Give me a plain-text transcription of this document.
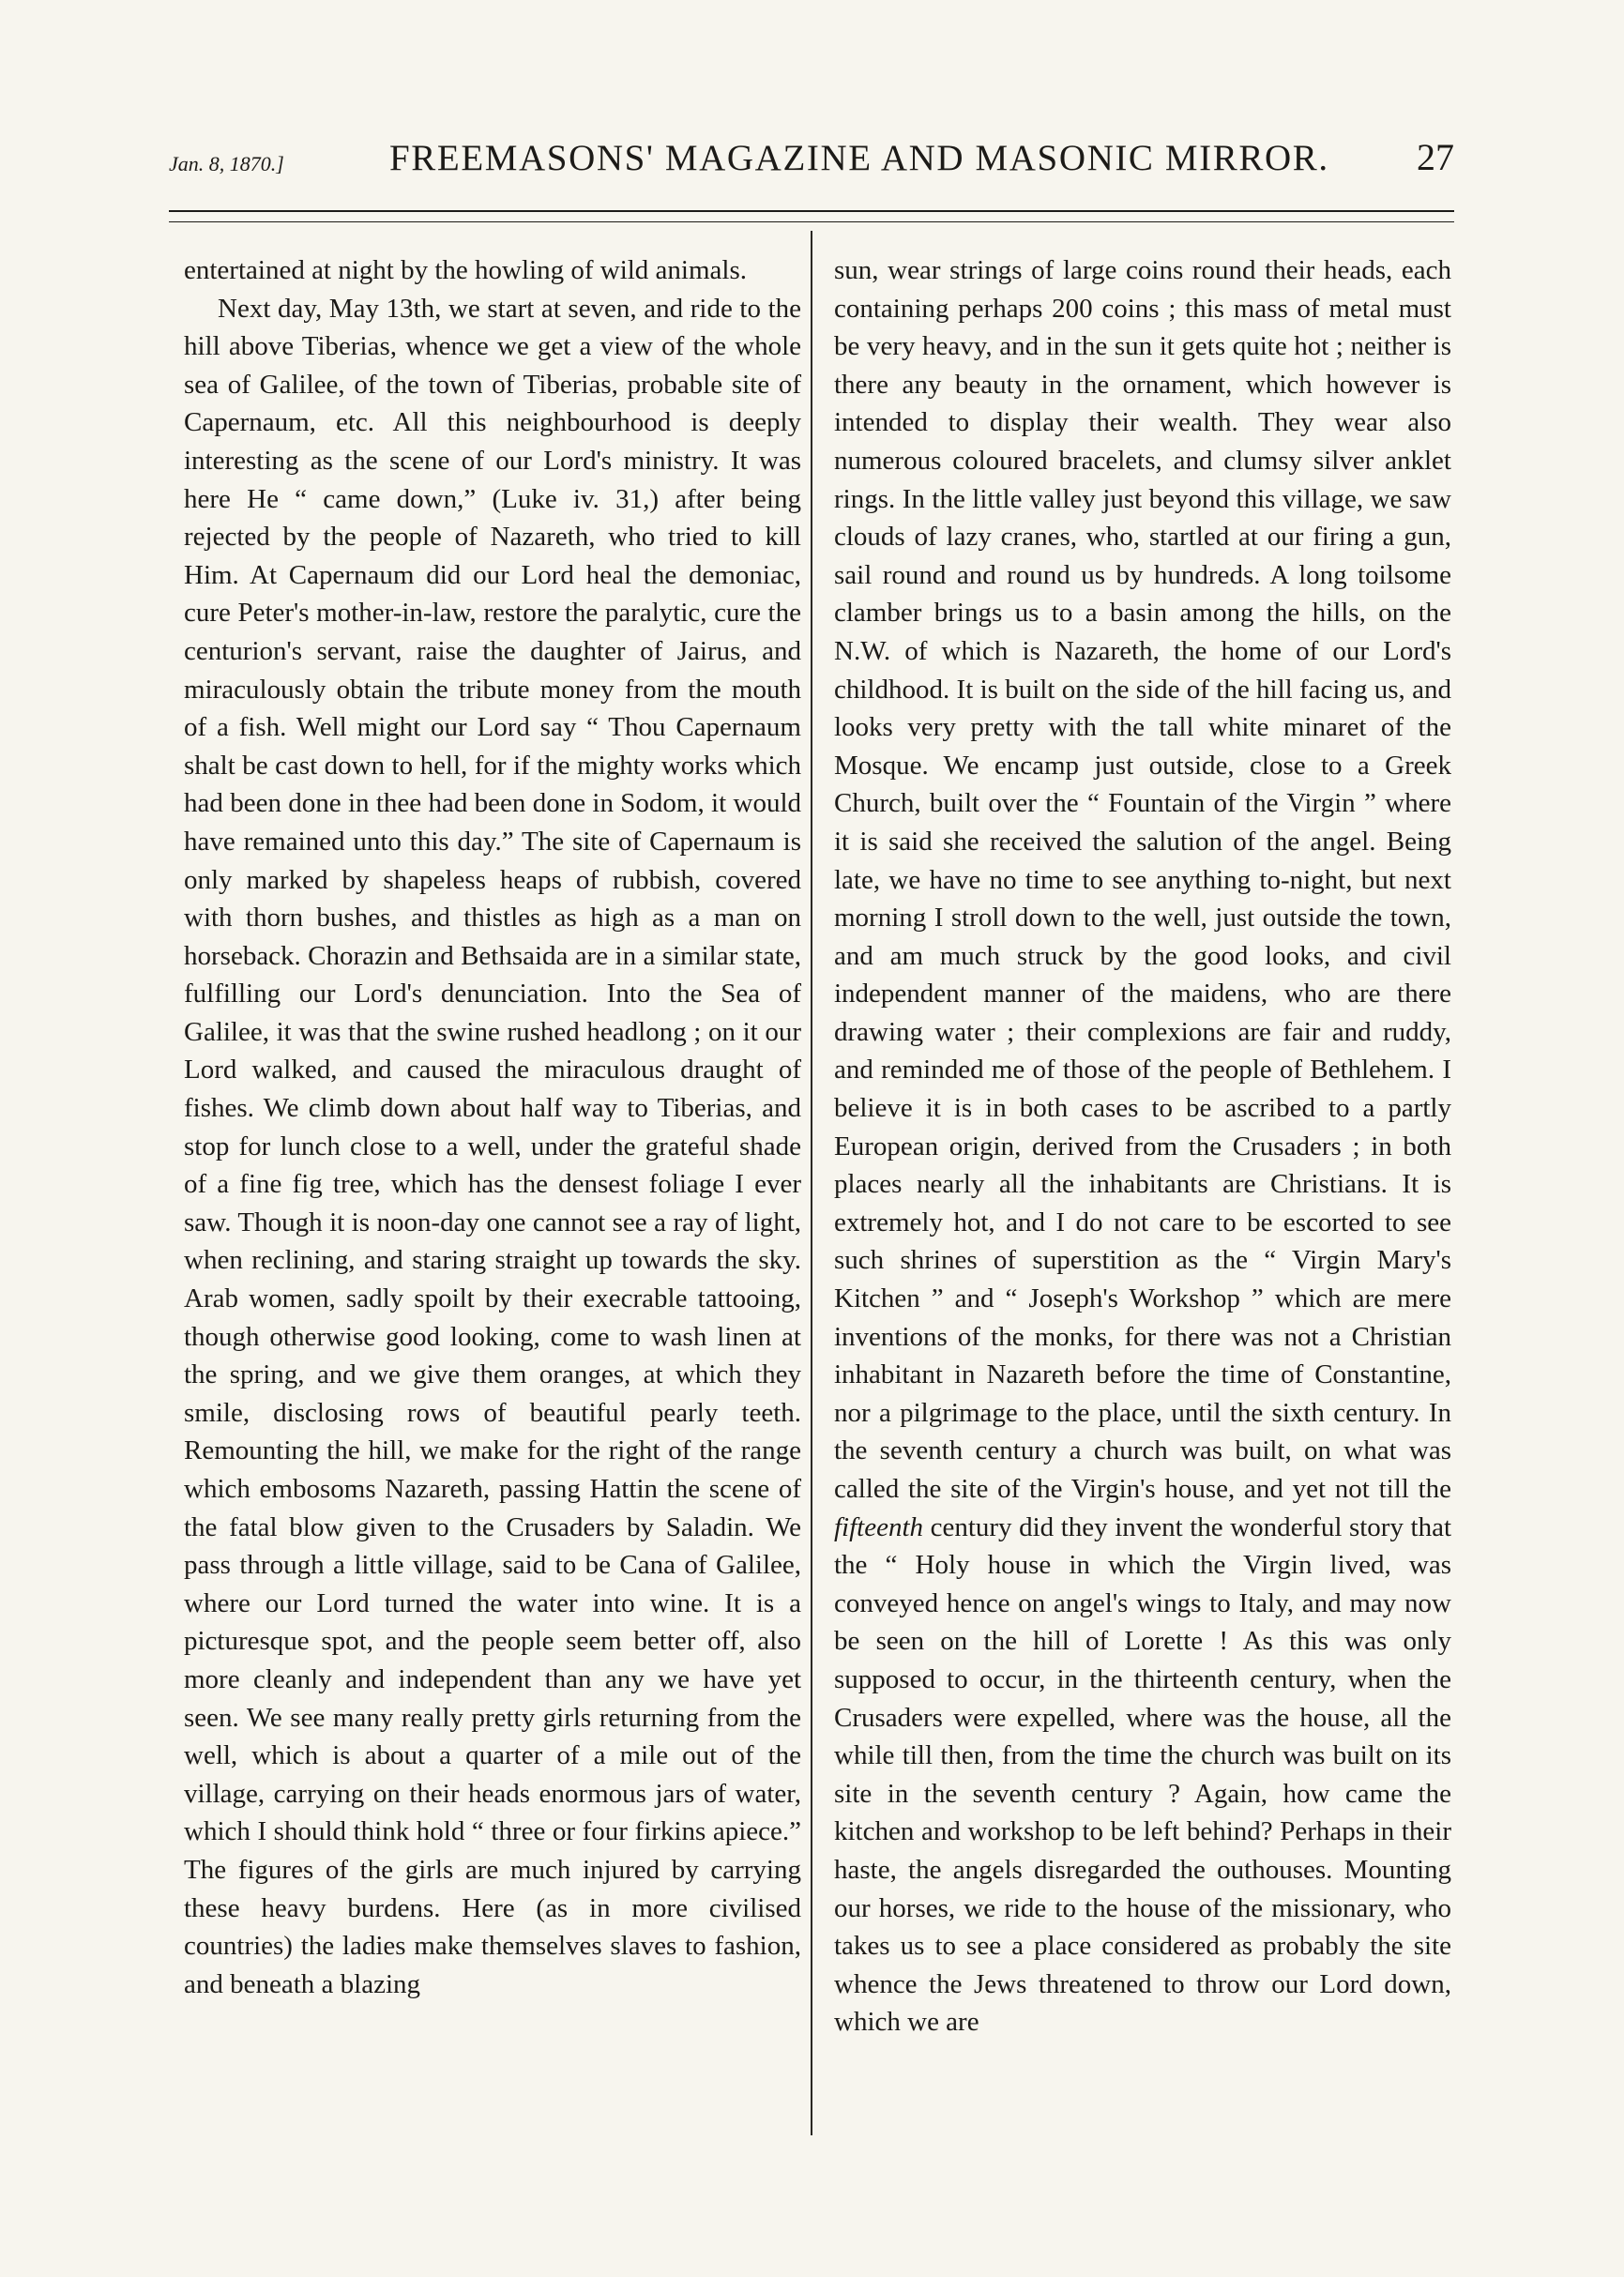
Jan. 8, 1870.]	FREEMASONS' MAGAZINE AND MASONIC MIRROR. 27

entertained at night by the howling of wild animals.

Next day, May 13th, we start at seven, and ride to the hill above Tiberias, whence we get a view of the whole sea of Galilee, of the town of Tiberias, probable site of Capernaum, etc. All this neighbourhood is deeply interesting as the scene of our Lord's ministry. It was here He “ came down,” (Luke iv. 31,) after being rejected by the people of Nazareth, who tried to kill Him. At Capernaum did our Lord heal the demoniac, cure Peter's mother-in-law, restore the paralytic, cure the centurion's servant, raise the daughter of Jairus, and miraculously obtain the tribute money from the mouth of a fish. Well might our Lord say “ Thou Capernaum shalt be cast down to hell, for if the mighty works which had been done in thee had been done in Sodom, it would have remained unto this day.” The site of Capernaum is only marked by shapeless heaps of rubbish, covered with thorn bushes, and thistles as high as a man on horseback. Chorazin and Bethsaida are in a similar state, fulfilling our Lord's denunciation. Into the Sea of Galilee, it was that the swine rushed headlong ; on it our Lord walked, and caused the miraculous draught of fishes. We climb down about half way to Tiberias, and stop for lunch close to a well, under the grateful shade of a fine fig tree, which has the densest foliage I ever saw. Though it is noon-day one cannot see a ray of light, when reclining, and staring straight up towards the sky. Arab women, sadly spoilt by their execrable tattooing, though otherwise good looking, come to wash linen at the spring, and we give them oranges, at which they smile, disclosing rows of beautiful pearly teeth. Remounting the hill, we make for the right of the range which embosoms Nazareth, passing Hattin the scene of the fatal blow given to the Crusaders by Saladin. We pass through a little village, said to be Cana of Galilee, where our Lord turned the water into wine. It is a picturesque spot, and the people seem better off, also more cleanly and independent than any we have yet seen. We see many really pretty girls returning from the well, which is about a quarter of a mile out of the village, carrying on their heads enormous jars of water, which I should think hold “ three or four firkins apiece.” The figures of the girls are much injured by carrying these heavy burdens. Here (as in more civilised countries) the ladies make themselves slaves to fashion, and beneath a blazing

sun, wear strings of large coins round their heads, each containing perhaps 200 coins ; this mass of metal must be very heavy, and in the sun it gets quite hot ; neither is there any beauty in the ornament, which however is intended to display their wealth. They wear also numerous coloured bracelets, and clumsy silver anklet rings. In the little valley just beyond this village, we saw clouds of lazy cranes, who, startled at our firing a gun, sail round and round us by hundreds. A long toilsome clamber brings us to a basin among the hills, on the N.W. of which is Nazareth, the home of our Lord's childhood. It is built on the side of the hill facing us, and looks very pretty with the tall white minaret of the Mosque. We encamp just outside, close to a Greek Church, built over the “ Fountain of the Virgin ” where it is said she received the salution of the angel. Being late, we have no time to see anything to-night, but next morning I stroll down to the well, just outside the town, and am much struck by the good looks, and civil independent manner of the maidens, who are there drawing water ; their complexions are fair and ruddy, and reminded me of those of the people of Bethlehem. I believe it is in both cases to be ascribed to a partly European origin, derived from the Crusaders ; in both places nearly all the inhabitants are Christians. It is extremely hot, and I do not care to be escorted to see such shrines of superstition as the “ Virgin Mary's Kitchen ” and “ Joseph's Workshop ” which are mere inventions of the monks, for there was not a Christian inhabitant in Nazareth before the time of Constantine, nor a pilgrimage to the place, until the sixth century. In the seventh century a church was built, on what was called the site of the Virgin's house, and yet not till the fifteenth century did they invent the wonderful story that the “ Holy house in which the Virgin lived, was conveyed hence on angel's wings to Italy, and may now be seen on the hill of Lorette ! As this was only supposed to occur, in the thirteenth century, when the Crusaders were expelled, where was the house, all the while till then, from the time the church was built on its site in the seventh century ? Again, how came the kitchen and workshop to be left behind? Perhaps in their haste, the angels disregarded the outhouses. Mounting our horses, we ride to the house of the missionary, who takes us to see a place considered as probably the site whence the Jews threatened to throw our Lord down, which we are
